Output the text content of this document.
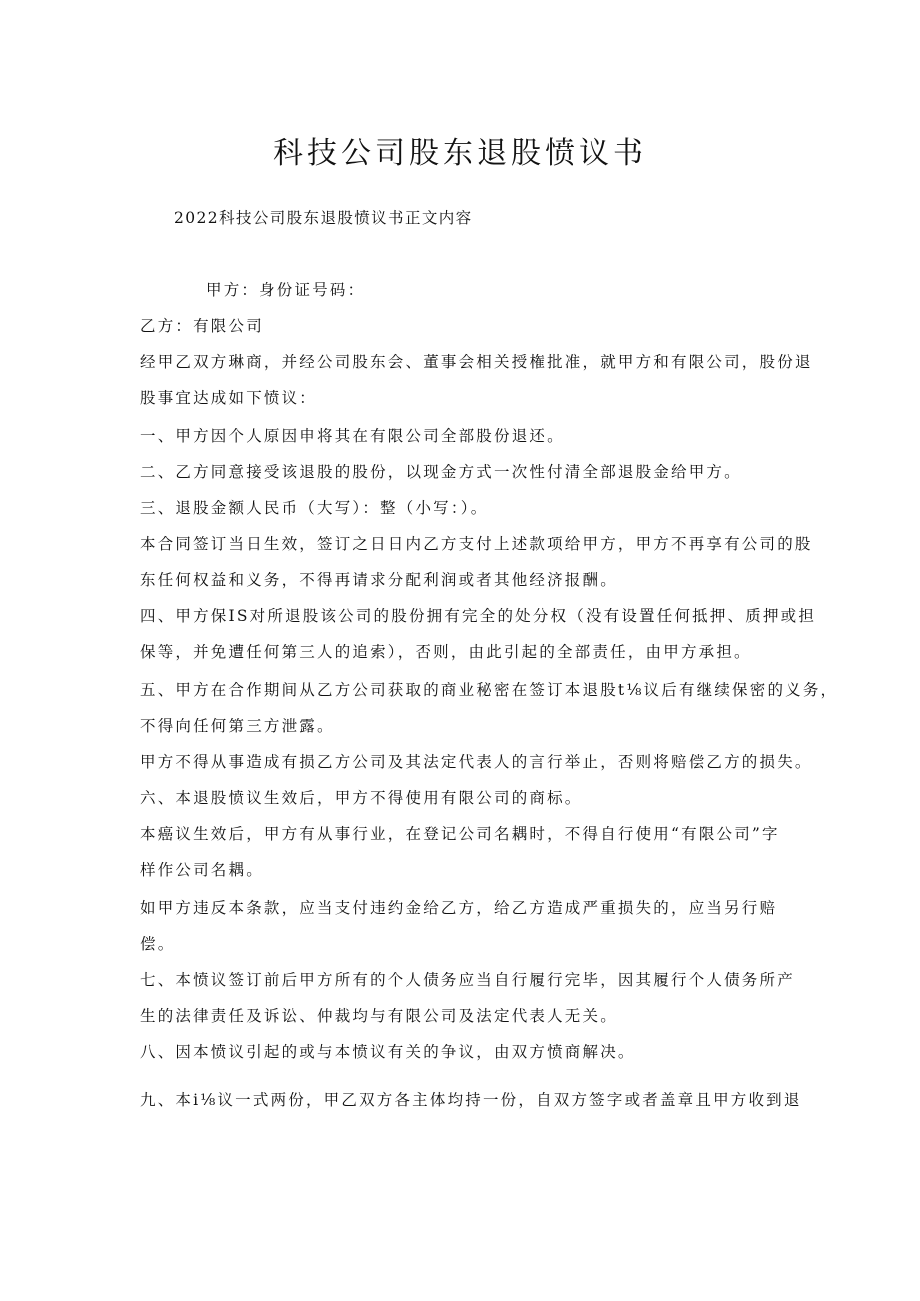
科技公司股东退股愤议书

2022科技公司股东退股愤议书正文内容

甲方：身份证号码：

乙方：有限公司

经甲乙双方琳商，并经公司股东会、董事会相关授権批准，就甲方和有限公司，股份退

股事宜达成如下愤议：

一、甲方因个人原因申将其在有限公司全部股份退还。

二、乙方同意接受该退股的股份，以现金方式一次性付清全部退股金给甲方。

三、退股金额人民币（大写）：整（小写：）。

本合同签订当日生效，签订之日日内乙方支付上述款项给甲方，甲方不再享有公司的股

东任何权益和义务，不得再请求分配利润或者其他经济报酬。

四、甲方保IS对所退股该公司的股份拥有完全的处分权（没有设置任何抵押、质押或担

保等，并免遭任何第三人的追索），否则，由此引起的全部责任，由甲方承担。

五、甲方在合作期间从乙方公司获取的商业秘密在签订本退股t⅛议后有继续保密的义务，

不得向任何第三方泄露。

甲方不得从事造成有损乙方公司及其法定代表人的言行举止，否则将赔偿乙方的损失。

六、本退股愤议生效后，甲方不得使用有限公司的商标。

本癌议生效后，甲方有从事行业，在登记公司名耦时，不得自行使用“有限公司”字

样作公司名耦。

如甲方违反本条款，应当支付违约金给乙方，给乙方造成严重损失的，应当另行赔

偿。

七、本愤议签订前后甲方所有的个人债务应当自行履行完毕，因其履行个人债务所产

生的法律责任及诉讼、仲裁均与有限公司及法定代表人无关。

八、因本愤议引起的或与本愤议有关的争议，由双方愤商解决。

九、本i⅛议一式两份，甲乙双方各主体均持一份，自双方签字或者盖章且甲方收到退
